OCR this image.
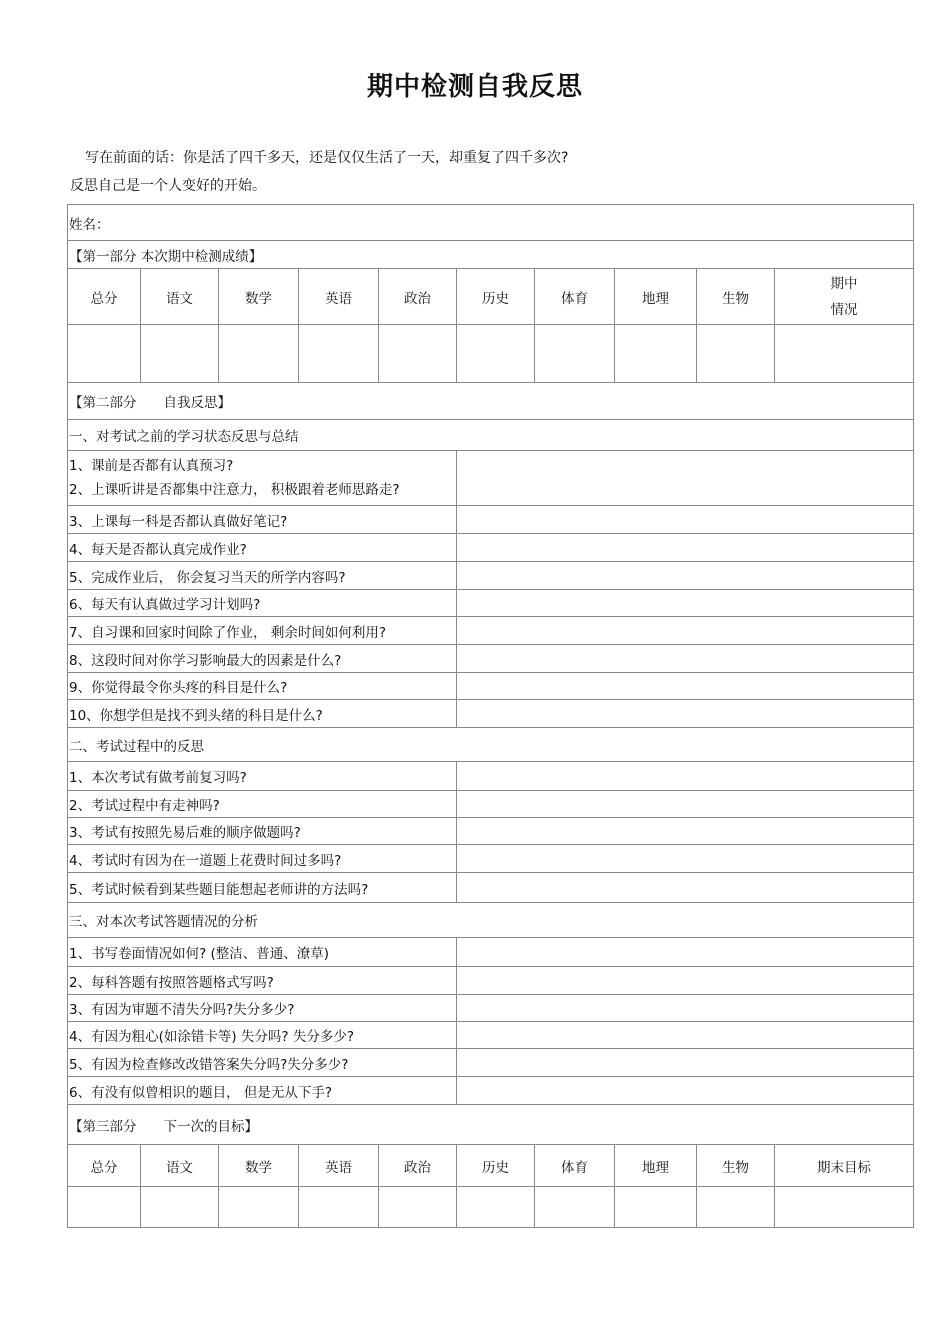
期中检测自我反思
写在前面的话：你是活了四千多天，还是仅仅生活了一天，却重复了四千多次?
反思自己是一个人变好的开始。
姓名：									
【第一部分 本次期中检测成绩】									
总分	语文	数学	英语	政治	历史	体育	地理	生物	期中
情况

【第二部分　　自我反思】									
一、对考试之前的学习状态反思与总结									
1、课前是否都有认真预习?
2、上课听讲是否都集中注意力， 积极跟着老师思路走?									
3、上课每一科是否都认真做好笔记?									
4、每天是否都认真完成作业?									
5、完成作业后， 你会复习当天的所学内容吗?									
6、每天有认真做过学习计划吗?									
7、自习课和回家时间除了作业， 剩余时间如何利用?									
8、这段时间对你学习影响最大的因素是什么?									
9、你觉得最令你头疼的科目是什么?									
10、你想学但是找不到头绪的科目是什么?									
二、考试过程中的反思									
1、本次考试有做考前复习吗?									
2、考试过程中有走神吗?									
3、考试有按照先易后难的顺序做题吗?									
4、考试时有因为在一道题上花费时间过多吗?									
5、考试时候看到某些题目能想起老师讲的方法吗?									
三、对本次考试答题情况的分析									
1、书写卷面情况如何? (整洁、普通、潦草)									
2、每科答题有按照答题格式写吗?									
3、有因为审题不清失分吗?失分多少?									
4、有因为粗心(如涂错卡等) 失分吗? 失分多少?									
5、有因为检查修改改错答案失分吗?失分多少?									
6、有没有似曾相识的题目， 但是无从下手?									
【第三部分　　下一次的目标】									
总分	语文	数学	英语	政治	历史	体育	地理	生物	期末目标
